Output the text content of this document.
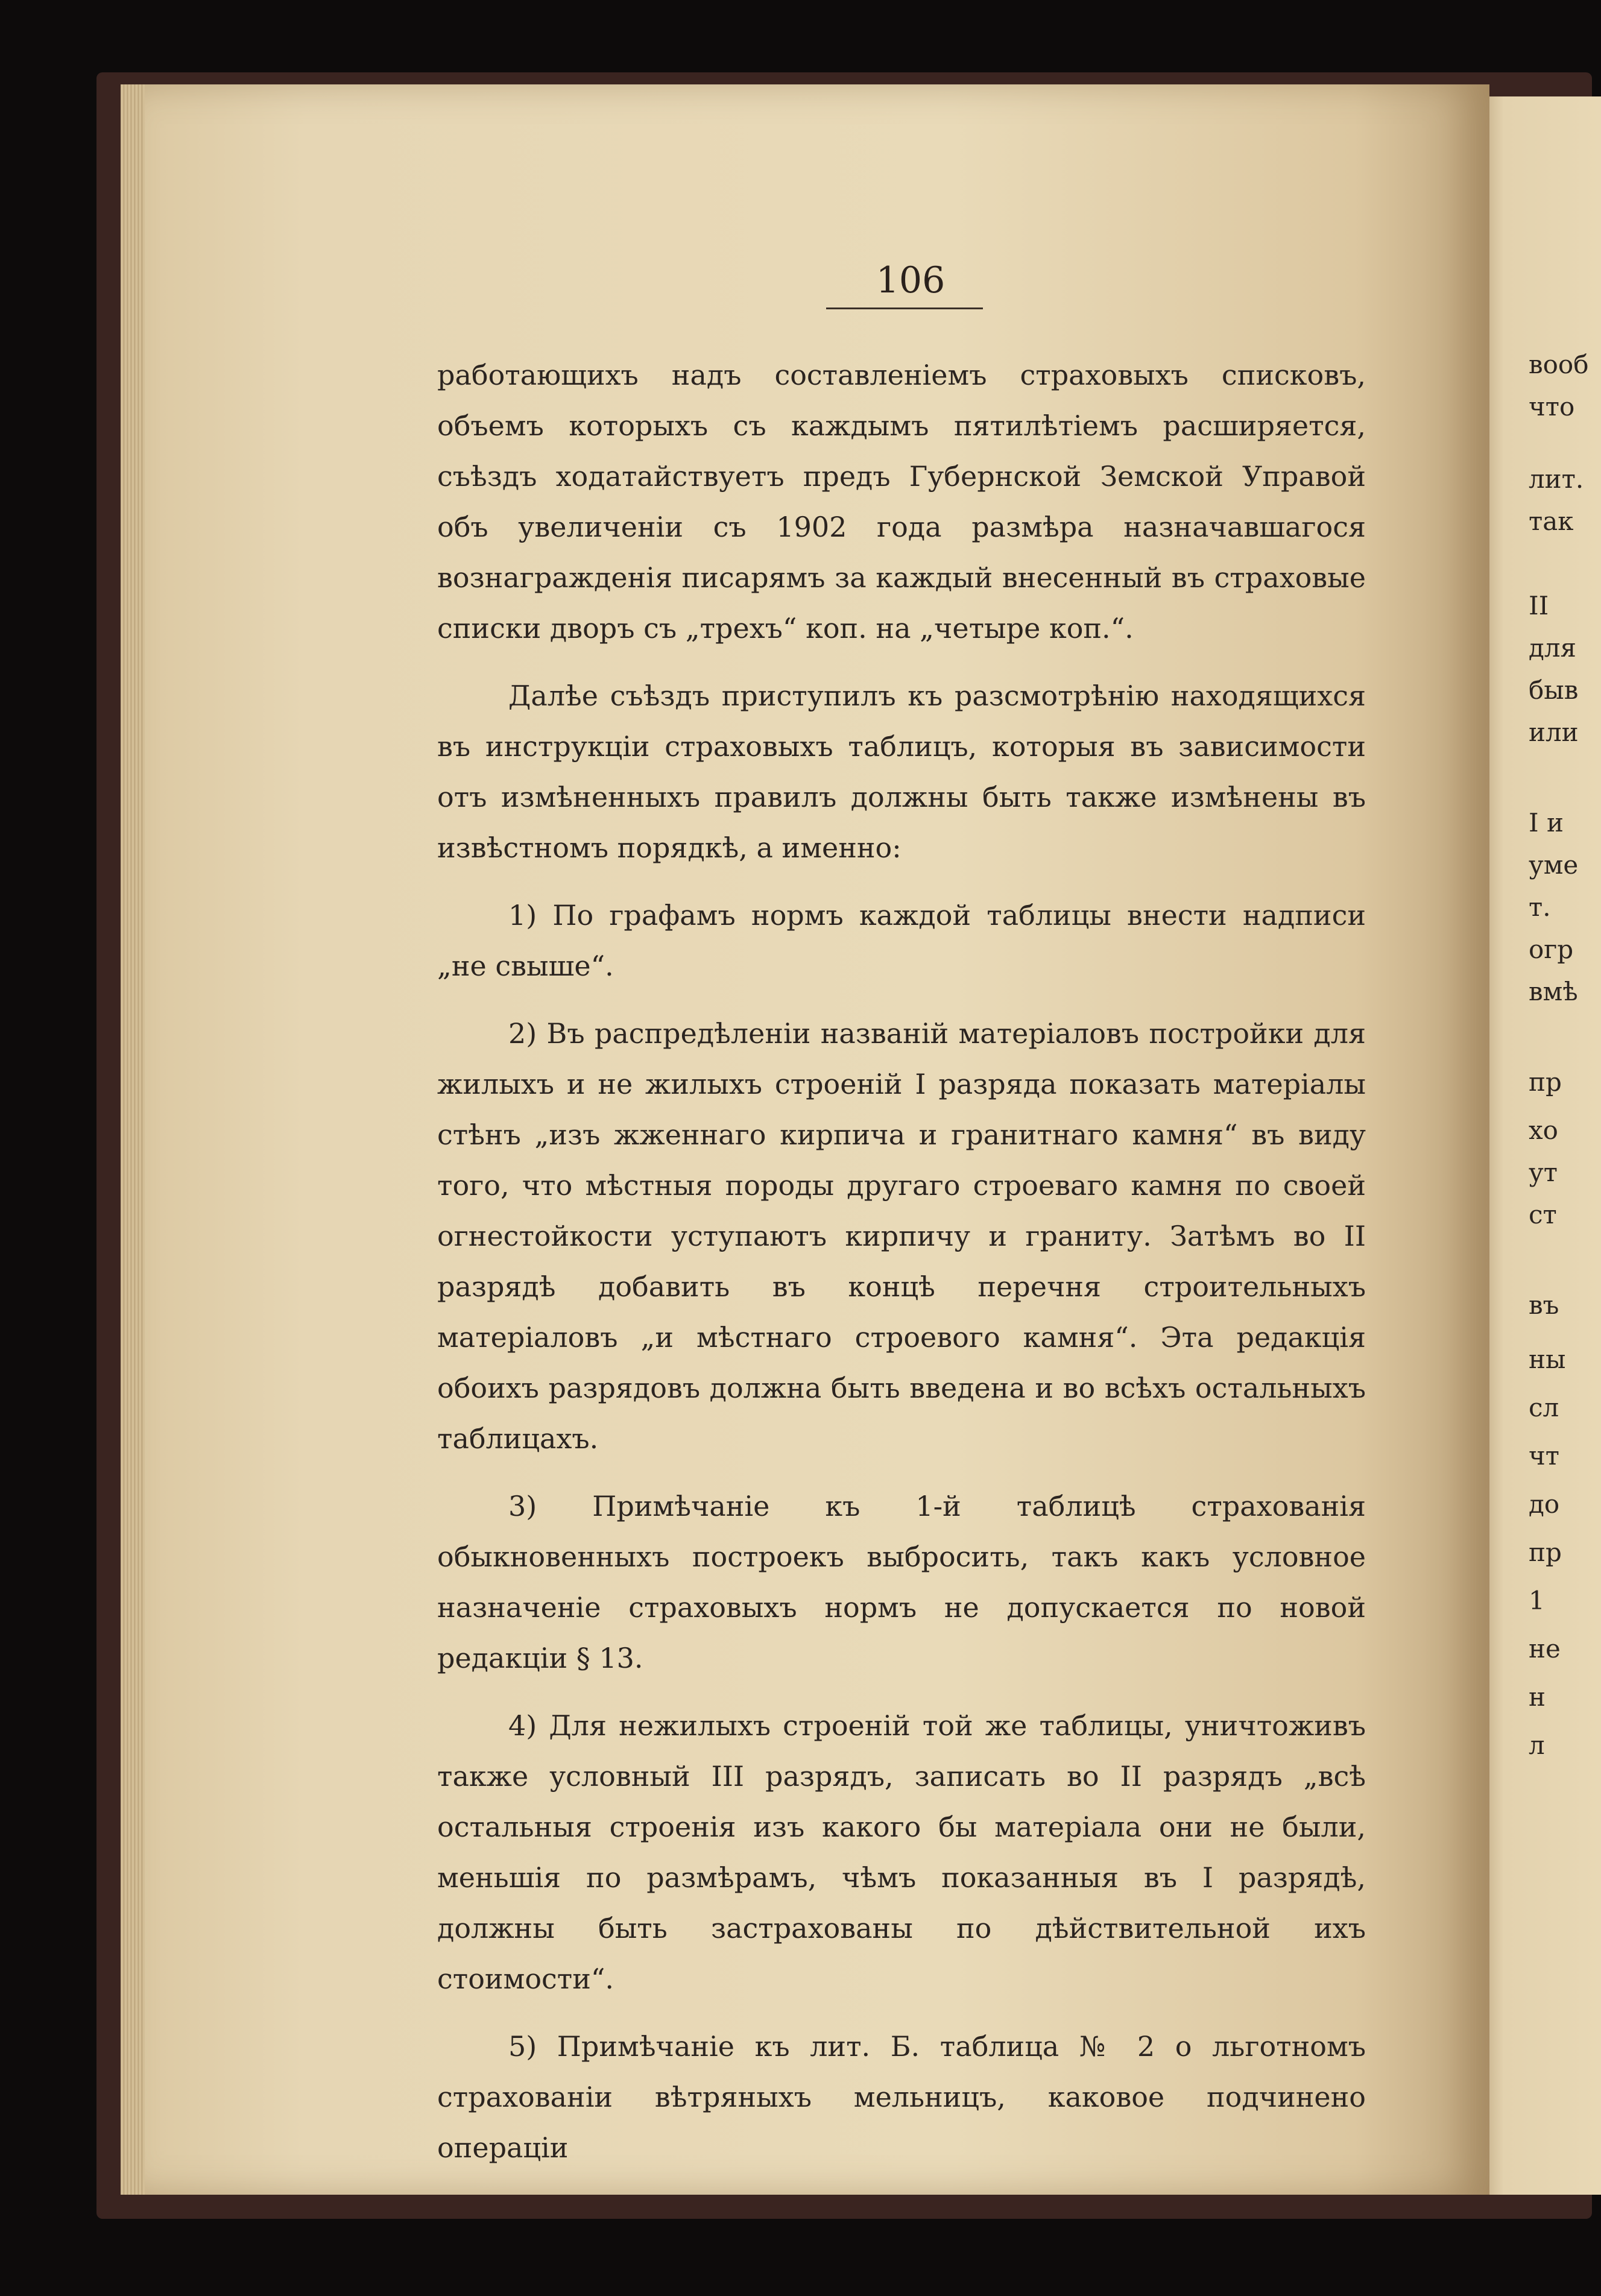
106

работающихъ надъ составленіемъ страховыхъ списковъ, объемъ которыхъ съ каждымъ пятилѣтіемъ расширяется, съѣздъ ходатайствуетъ предъ Губернской Земской Управой объ увеличеніи съ 1902 года размѣра назначавшагося вознагражденія писарямъ за каждый внесенный въ страховые списки дворъ съ „трехъ“ коп. на „четыре коп.“.

Далѣе съѣздъ приступилъ къ разсмотрѣнію находящихся въ инструкціи страховыхъ таблицъ, которыя въ зависимости отъ измѣненныхъ правилъ должны быть также измѣнены въ извѣстномъ порядкѣ, а именно:

1) По графамъ нормъ каждой таблицы внести надписи „не свыше“.

2) Въ распредѣленіи названій матеріаловъ постройки для жилыхъ и не жилыхъ строеній I разряда показать матеріалы стѣнъ „изъ жженнаго кирпича и гранитнаго камня“ въ виду того, что мѣстныя породы другаго строеваго камня по своей огнестойкости уступаютъ кирпичу и граниту. Затѣмъ во II разрядѣ добавить въ концѣ перечня строительныхъ матеріаловъ „и мѣстнаго строевого камня“. Эта редакція обоихъ разрядовъ должна быть введена и во всѣхъ остальныхъ таблицахъ.

3) Примѣчаніе къ 1-й таблицѣ страхованія обыкновенныхъ построекъ выбросить, такъ какъ условное назначеніе страховыхъ нормъ не допускается по новой редакціи § 13.

4) Для нежилыхъ строеній той же таблицы, уничтоживъ также условный III разрядъ, записать во II разрядъ „всѣ остальныя строенія изъ какого бы матеріала они не были, меньшія по размѣрамъ, чѣмъ показанныя въ I разрядѣ, должны быть застрахованы по дѣйствительной ихъ стоимости“.

5) Примѣчаніе къ лит. Б. таблица № 2 о льготномъ страхованіи вѣтряныхъ мельницъ, каковое подчинено операціи

вооб
что
лит.
так
II
для
быв
или
I и
уме
т.
огр
вмѣ
пр
хо
ут
ст
въ
ны
сл
чт
до
пр
1
не
н
л
